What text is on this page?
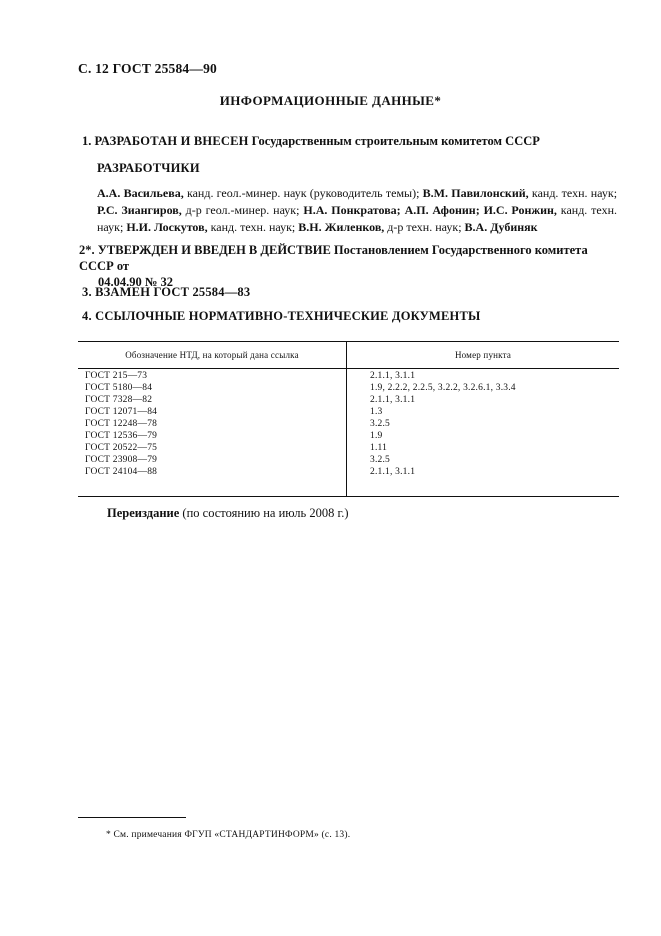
С. 12 ГОСТ 25584—90
ИНФОРМАЦИОННЫЕ ДАННЫЕ*
1. РАЗРАБОТАН И ВНЕСЕН Государственным строительным комитетом СССР
РАЗРАБОТЧИКИ
А.А. Васильева, канд. геол.-минер. наук (руководитель темы); В.М. Павилонский, канд. техн. наук; Р.С. Зиангиров, д-р геол.-минер. наук; Н.А. Понкратова; А.П. Афонин; И.С. Ронжин, канд. техн. наук; Н.И. Лоскутов, канд. техн. наук; В.Н. Жиленков, д-р техн. наук; В.А. Дубиняк
2*. УТВЕРЖДЕН И ВВЕДЕН В ДЕЙСТВИЕ Постановлением Государственного комитета СССР от
04.04.90 № 32
3. ВЗАМЕН ГОСТ 25584—83
4. ССЫЛОЧНЫЕ НОРМАТИВНО-ТЕХНИЧЕСКИЕ ДОКУМЕНТЫ
Обозначение НТД, на который дана ссылка	Номер пункта
ГОСТ 215—73
ГОСТ 5180—84
ГОСТ 7328—82
ГОСТ 12071—84
ГОСТ 12248—78
ГОСТ 12536—79
ГОСТ 20522—75
ГОСТ 23908—79
ГОСТ 24104—88
2.1.1, 3.1.1
1.9, 2.2.2, 2.2.5, 3.2.2, 3.2.6.1, 3.3.4
2.1.1, 3.1.1
1.3
3.2.5
1.9
1.11
3.2.5
2.1.1, 3.1.1
Переиздание (по состоянию на июль 2008 г.)
* См. примечания ФГУП «СТАНДАРТИНФОРМ» (с. 13).
